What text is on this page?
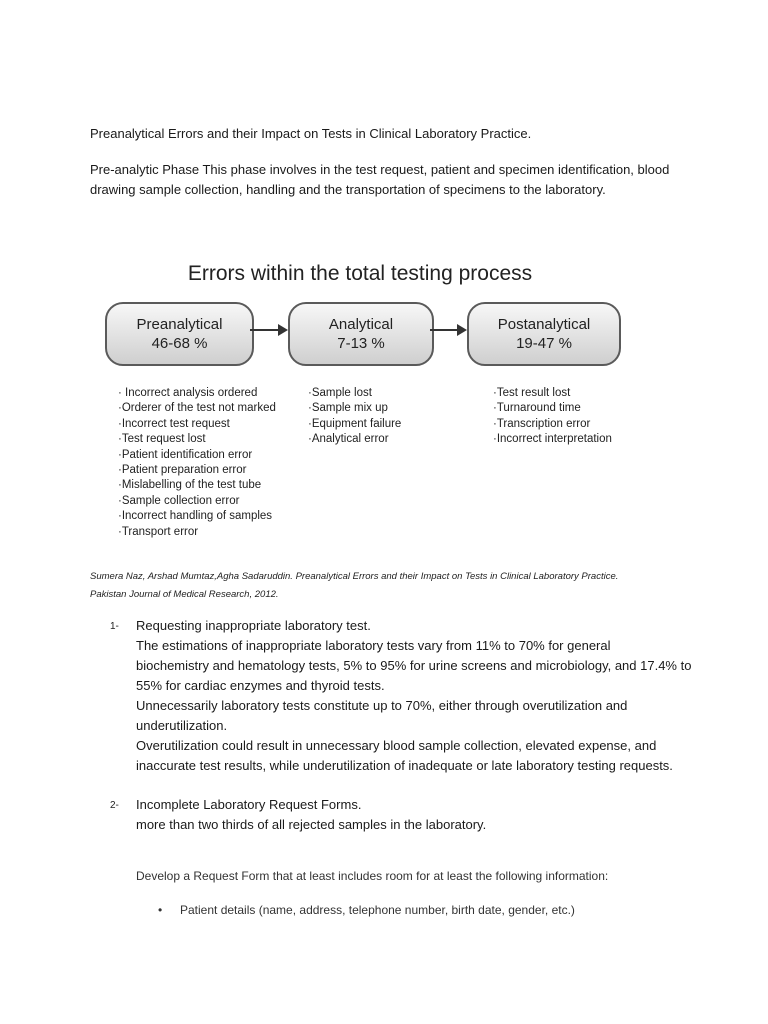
Preanalytical Errors and their Impact on Tests in Clinical Laboratory Practice.
Pre-analytic Phase This phase involves in the test request, patient and specimen identification, blood
drawing sample collection, handling and the transportation of specimens to the laboratory.
Errors within the total testing process
Preanalytical
46-68 %
Analytical
7-13 %
Postanalytical
19-47 %
· Incorrect analysis ordered
·Orderer of the test not marked
·Incorrect test request
·Test request lost
·Patient identification error
·Patient preparation error
·Mislabelling of the test tube
·Sample collection error
·Incorrect handling of samples
·Transport error
·Sample lost
·Sample mix up
·Equipment failure
·Analytical error
·Test result lost
·Turnaround time
·Transcription error
·Incorrect interpretation
Sumera Naz, Arshad Mumtaz,Agha Sadaruddin. Preanalytical Errors and their Impact on Tests in Clinical Laboratory Practice.
Pakistan Journal of Medical Research, 2012.
1- Requesting inappropriate laboratory test.

The estimations of inappropriate laboratory tests vary from 11% to 70% for general

biochemistry and hematology tests, 5% to 95% for urine screens and microbiology, and 17.4% to

55% for cardiac enzymes and thyroid tests.

Unnecessarily laboratory tests constitute up to 70%, either through overutilization and

underutilization.

Overutilization could result in unnecessary blood sample collection, elevated expense, and

inaccurate test results, while underutilization of inadequate or late laboratory testing requests.

2- Incomplete Laboratory Request Forms.

more than two thirds of all rejected samples in the laboratory.

Develop a Request Form that at least includes room for at least the following information:
• Patient details (name, address, telephone number, birth date, gender, etc.)
